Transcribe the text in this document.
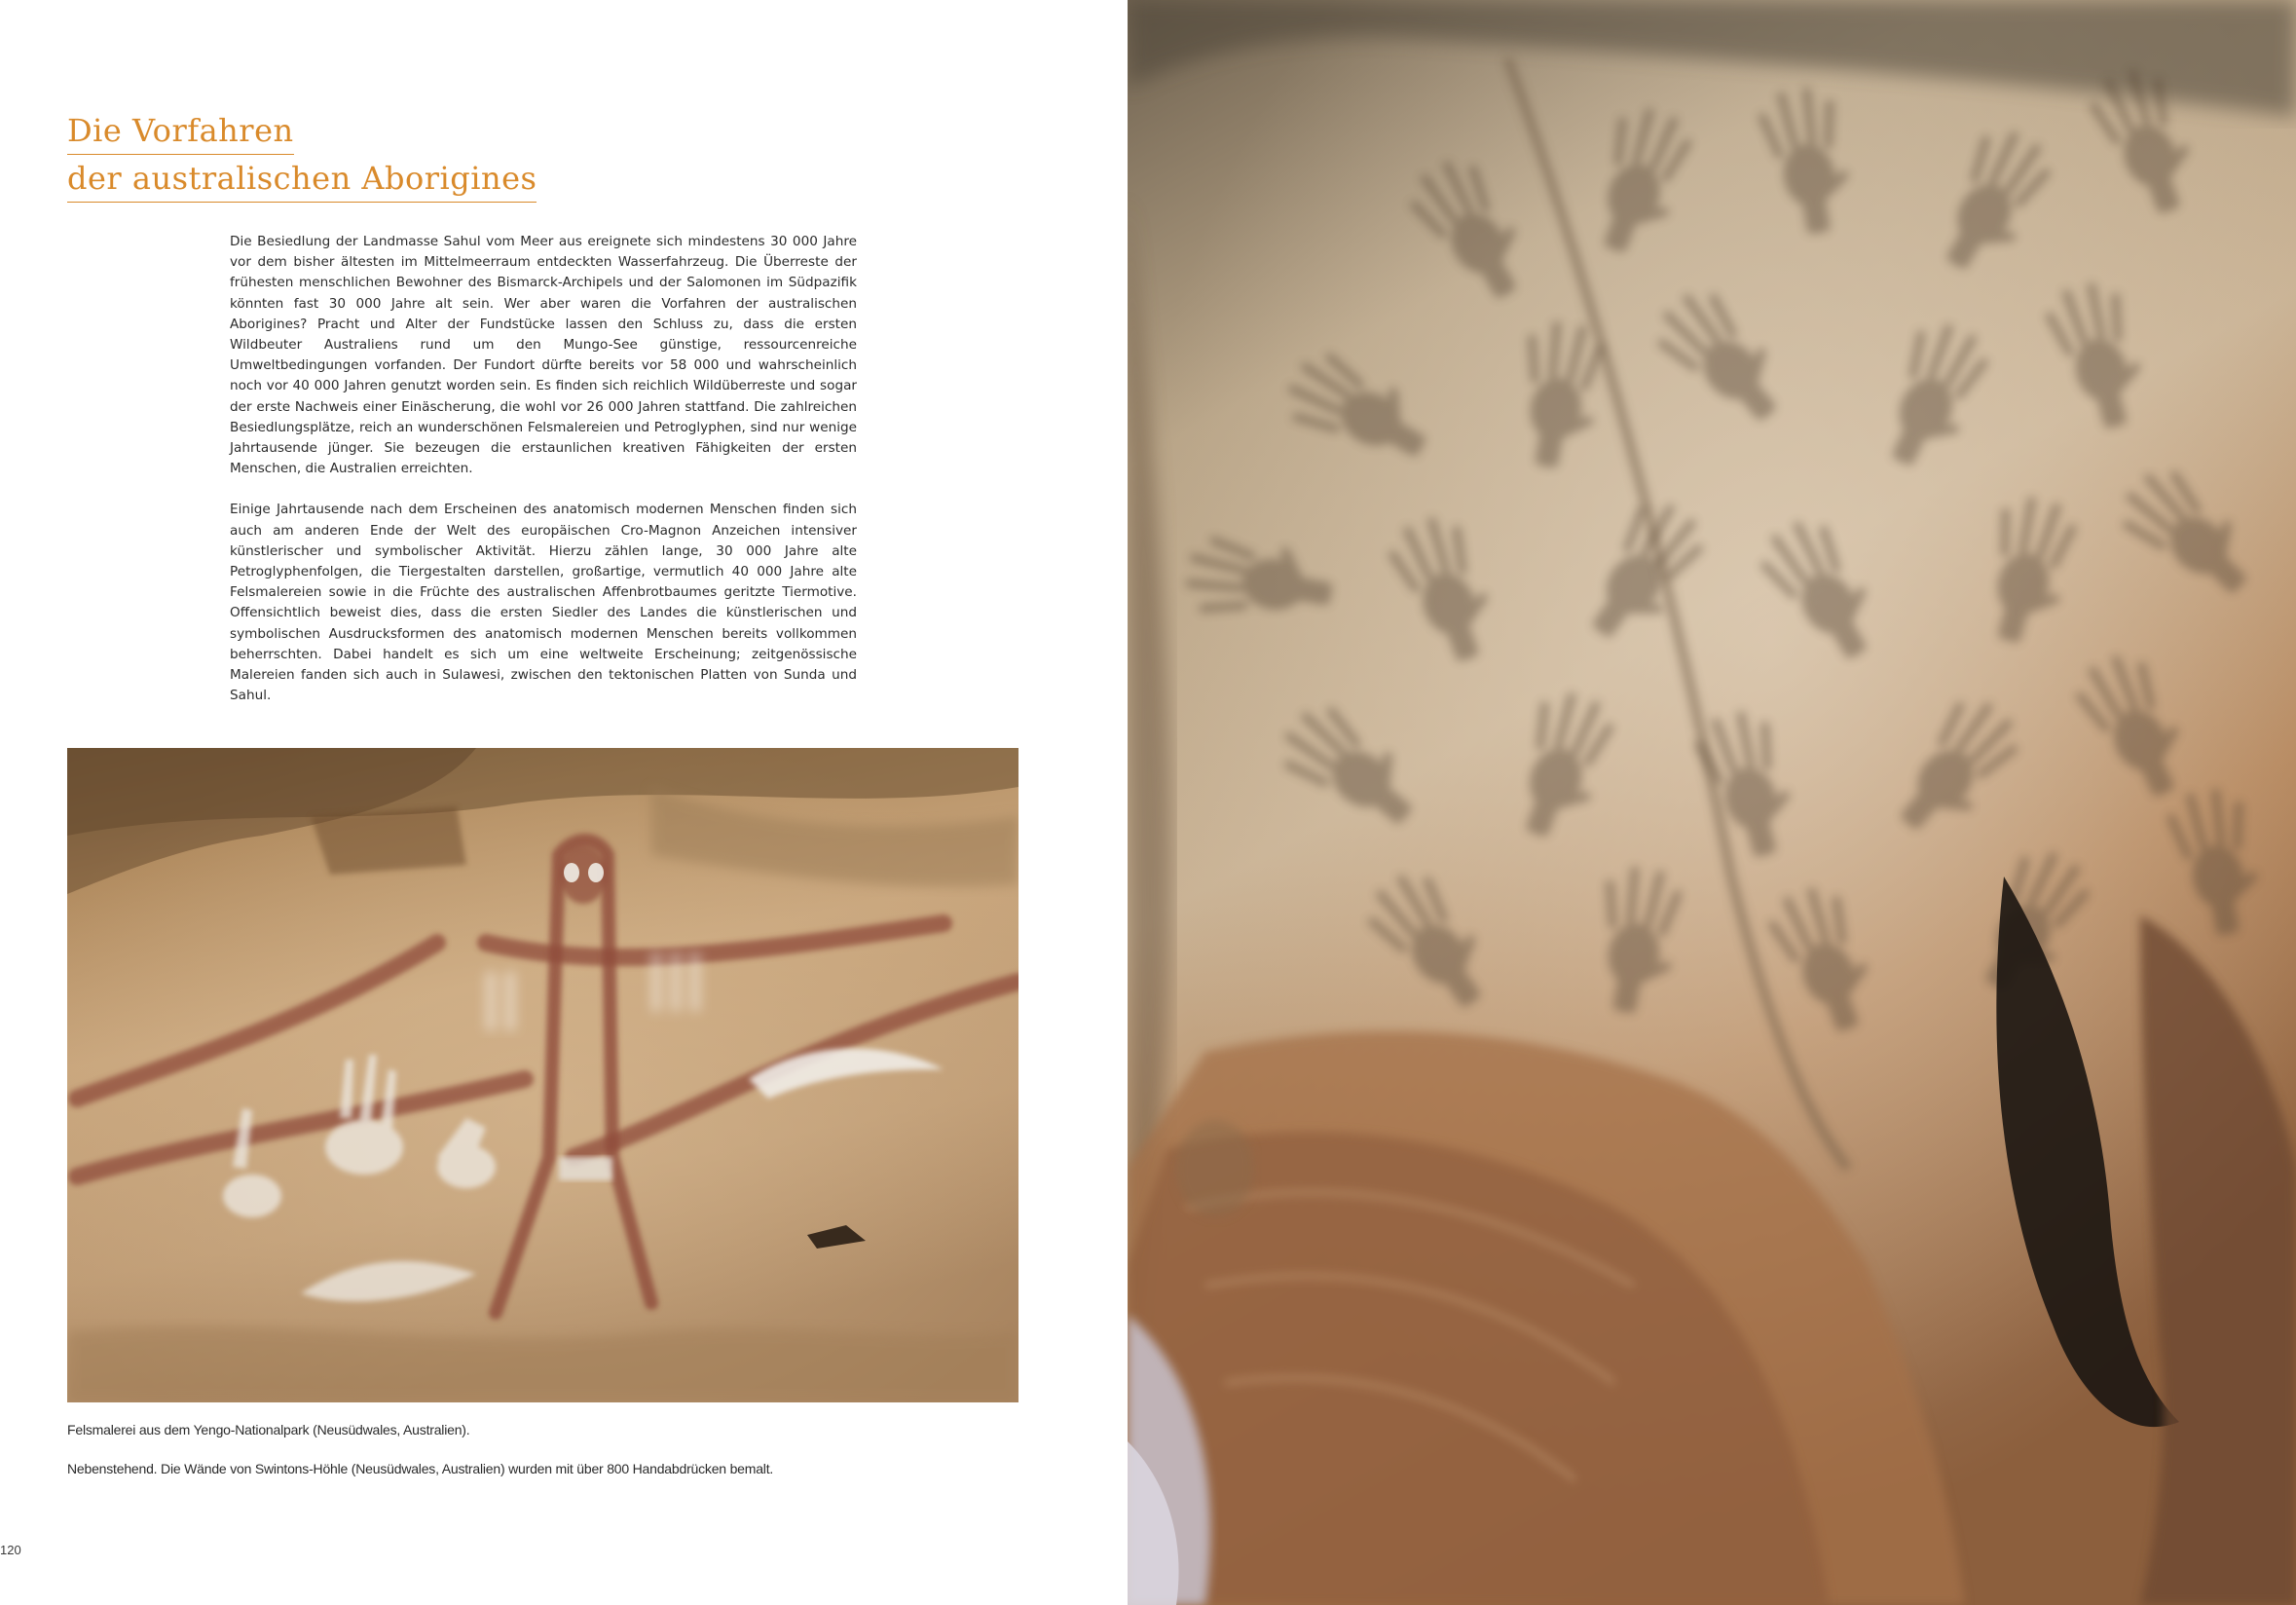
Die Vorfahren
der australischen Aborigines

Die Besiedlung der Landmasse Sahul vom Meer aus ereignete sich mindestens 30 000 Jahre vor dem bisher ältesten im Mittelmeerraum entdeckten Wasserfahrzeug. Die Überreste der frühesten menschlichen Bewohner des Bismarck-Archipels und der Salomonen im Südpazifik könnten fast 30 000 Jahre alt sein. Wer aber waren die Vorfahren der australischen Aborigines? Pracht und Alter der Fundstücke lassen den Schluss zu, dass die ersten Wildbeuter Australiens rund um den Mungo-See günstige, ressourcenreiche Umweltbedingungen vorfanden. Der Fundort dürfte bereits vor 58 000 und wahrscheinlich noch vor 40 000 Jahren genutzt worden sein. Es finden sich reichlich Wildüberreste und sogar der erste Nachweis einer Einäscherung, die wohl vor 26 000 Jahren stattfand. Die zahlreichen Besiedlungsplätze, reich an wunderschönen Felsmalereien und Petroglyphen, sind nur wenige Jahrtausende jünger. Sie bezeugen die erstaunlichen kreativen Fähigkeiten der ersten Menschen, die Australien erreichten.

Einige Jahrtausende nach dem Erscheinen des anatomisch modernen Menschen finden sich auch am anderen Ende der Welt des europäischen Cro-Magnon Anzeichen intensiver künstlerischer und symbolischer Aktivität. Hierzu zählen lange, 30 000 Jahre alte Petroglyphenfolgen, die Tiergestalten darstellen, großartige, vermutlich 40 000 Jahre alte Felsmalereien sowie in die Früchte des australischen Affenbrotbaumes geritzte Tiermotive. Offensichtlich beweist dies, dass die ersten Siedler des Landes die künstlerischen und symbolischen Ausdrucksformen des anatomisch modernen Menschen bereits vollkommen beherrschten. Dabei handelt es sich um eine weltweite Erscheinung; zeitgenössische Malereien fanden sich auch in Sulawesi, zwischen den tektonischen Platten von Sunda und Sahul.

Felsmalerei aus dem Yengo-Nationalpark (Neusüdwales, Australien).

Nebenstehend. Die Wände von Swintons-Höhle (Neusüdwales, Australien) wurden mit über 800 Handabdrücken bemalt.

120
